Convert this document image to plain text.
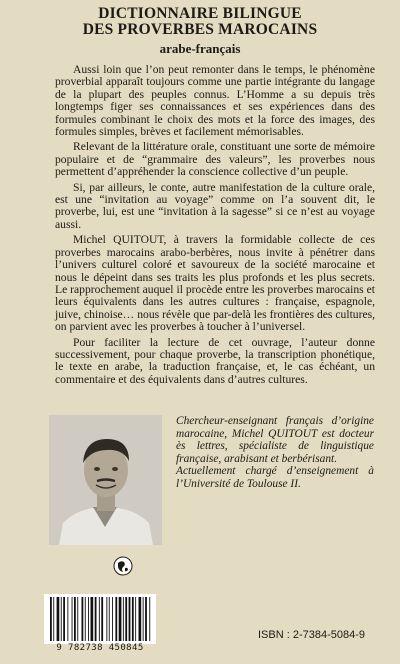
DICTIONNAIRE BILINGUE
DES PROVERBES MAROCAINS
arabe-français

Aussi loin que l’on peut remonter dans le temps, le phénomène proverbial apparaît toujours comme une partie intégrante du langage de la plupart des peuples connus. L’Homme a su depuis très longtemps figer ses connaissances et ses expériences dans des formules combinant le choix des mots et la force des images, des formules simples, brèves et facilement mémorisables.

Relevant de la littérature orale, constituant une sorte de mémoire populaire et de “grammaire des valeurs”, les proverbes nous permettent d’appréhender la conscience collective d’un peuple.

Si, par ailleurs, le conte, autre manifestation de la culture orale, est une “invitation au voyage” comme on l’a souvent dit, le proverbe, lui, est une “invitation à la sagesse” si ce n’est au voyage aussi.

Michel QUITOUT, à travers la formidable collecte de ces proverbes marocains arabo-berbères, nous invite à pénétrer dans l’univers culturel coloré et savoureux de la société marocaine et nous le dépeint dans ses traits les plus profonds et les plus secrets. Le rapprochement auquel il procède entre les proverbes marocains et leurs équivalents dans les autres cultures : française, espagnole, juive, chinoise… nous révèle que par-delà les frontières des cultures, on parvient avec les proverbes à toucher à l’universel.

Pour faciliter la lecture de cet ouvrage, l’auteur donne successivement, pour chaque proverbe, la transcription phonétique, le texte en arabe, la traduction française, et, le cas échéant, un commentaire et des équivalents dans d’autres cultures.

Chercheur-enseignant français d’origine marocaine, Michel QUITOUT est docteur ès lettres, spécialiste de linguistique française, arabisant et berbérisant.

Actuellement chargé d’enseignement à l’Université de Toulouse II.

9 782738 450845
ISBN : 2-7384-5084-9
